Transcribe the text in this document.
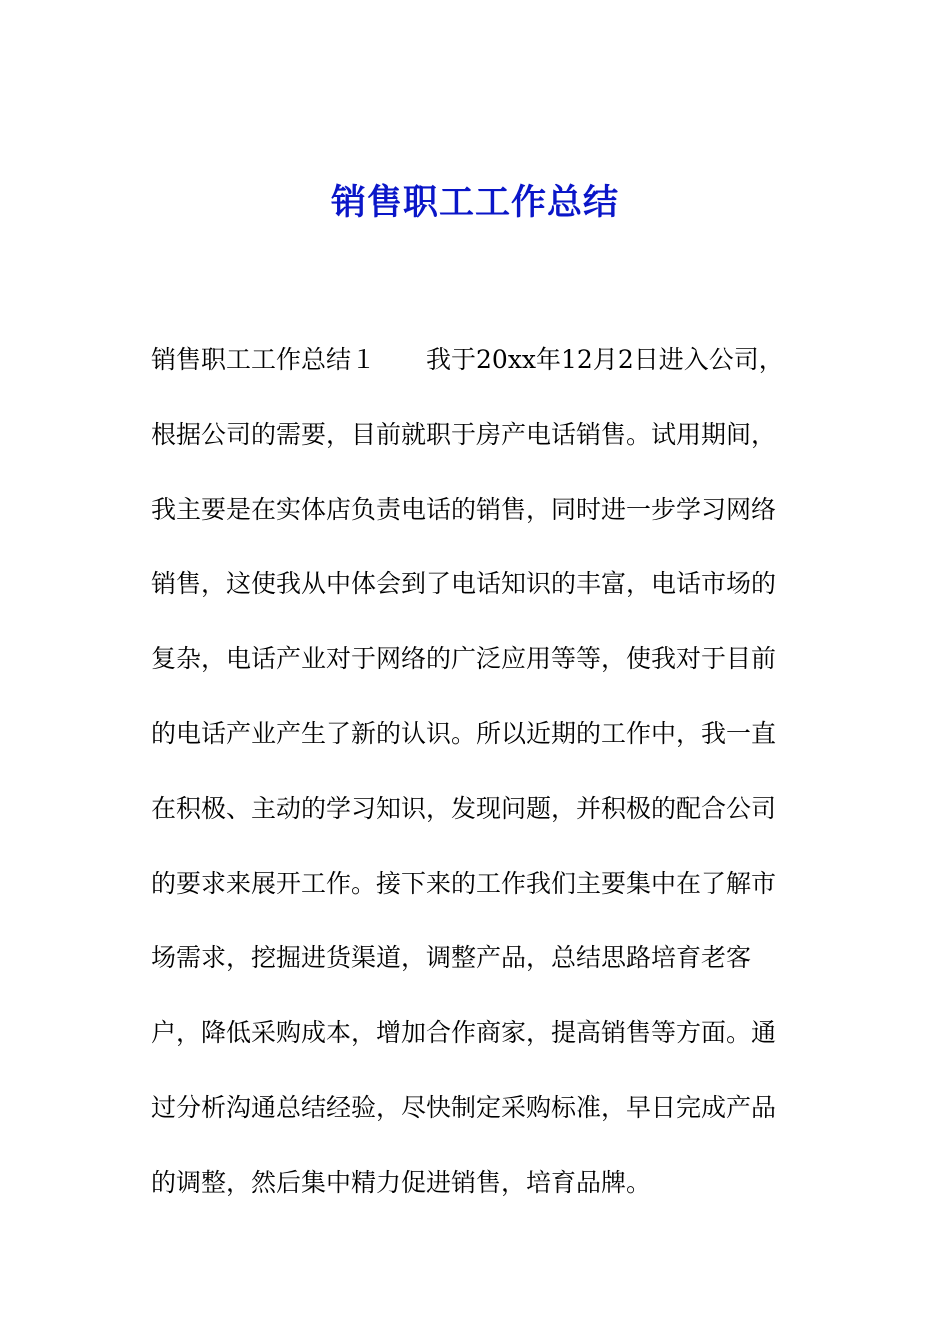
销售职工工作总结
销售职工工作总结１　　我于20xx年12月2日进入公司，
根据公司的需要，目前就职于房产电话销售。试用期间，
我主要是在实体店负责电话的销售，同时进一步学习网络
销售，这使我从中体会到了电话知识的丰富，电话市场的
复杂，电话产业对于网络的广泛应用等等，使我对于目前
的电话产业产生了新的认识。所以近期的工作中，我一直
在积极、主动的学习知识，发现问题，并积极的配合公司
的要求来展开工作。接下来的工作我们主要集中在了解市
场需求，挖掘进货渠道，调整产品，总结思路培育老客
户，降低采购成本，增加合作商家，提高销售等方面。通
过分析沟通总结经验，尽快制定采购标准，早日完成产品
的调整，然后集中精力促进销售，培育品牌。
